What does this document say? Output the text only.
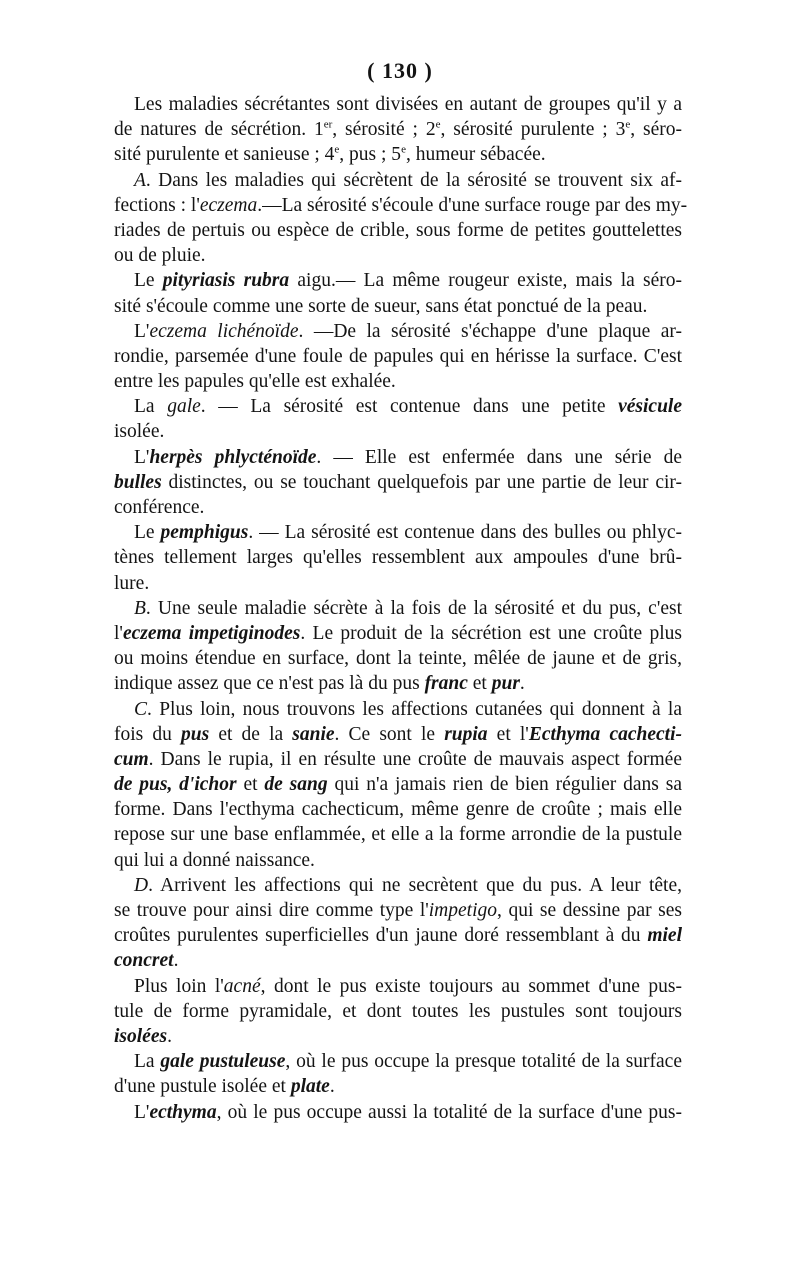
( 130 )
Les maladies sécrétantes sont divisées en autant de groupes qu'il y a
de natures de sécrétion. 1er, sérosité ; 2e, sérosité purulente ; 3e, séro-
sité purulente et sanieuse ; 4e, pus ; 5e, humeur sébacée.
A. Dans les maladies qui sécrètent de la sérosité se trouvent six af-
fections : l'eczema.—La sérosité s'écoule d'une surface rouge par des my-
riades de pertuis ou espèce de crible, sous forme de petites gouttelettes
ou de pluie.
Le pityriasis rubra aigu.— La même rougeur existe, mais la séro-
sité s'écoule comme une sorte de sueur, sans état ponctué de la peau.
L'eczema lichénoïde. —De la sérosité s'échappe d'une plaque ar-
rondie, parsemée d'une foule de papules qui en hérisse la surface. C'est
entre les papules qu'elle est exhalée.
La gale. — La sérosité est contenue dans une petite vésicule
isolée.
L'herpès phlycténoïde. — Elle est enfermée dans une série de
bulles distinctes, ou se touchant quelquefois par une partie de leur cir-
conférence.
Le pemphigus. — La sérosité est contenue dans des bulles ou phlyc-
tènes tellement larges qu'elles ressemblent aux ampoules d'une brû-
lure.
B. Une seule maladie sécrète à la fois de la sérosité et du pus, c'est
l'eczema impetiginodes. Le produit de la sécrétion est une croûte plus
ou moins étendue en surface, dont la teinte, mêlée de jaune et de gris,
indique assez que ce n'est pas là du pus franc et pur.
C. Plus loin, nous trouvons les affections cutanées qui donnent à la
fois du pus et de la sanie. Ce sont le rupia et l'Ecthyma cachecti-
cum. Dans le rupia, il en résulte une croûte de mauvais aspect formée
de pus, d'ichor et de sang qui n'a jamais rien de bien régulier dans sa
forme. Dans l'ecthyma cachecticum, même genre de croûte ; mais elle
repose sur une base enflammée, et elle a la forme arrondie de la pustule
qui lui a donné naissance.
D. Arrivent les affections qui ne secrètent que du pus. A leur tête,
se trouve pour ainsi dire comme type l'impetigo, qui se dessine par ses
croûtes purulentes superficielles d'un jaune doré ressemblant à du miel
concret.
Plus loin l'acné, dont le pus existe toujours au sommet d'une pus-
tule de forme pyramidale, et dont toutes les pustules sont toujours
isolées.
La gale pustuleuse, où le pus occupe la presque totalité de la surface
d'une pustule isolée et plate.
L'ecthyma, où le pus occupe aussi la totalité de la surface d'une pus-
